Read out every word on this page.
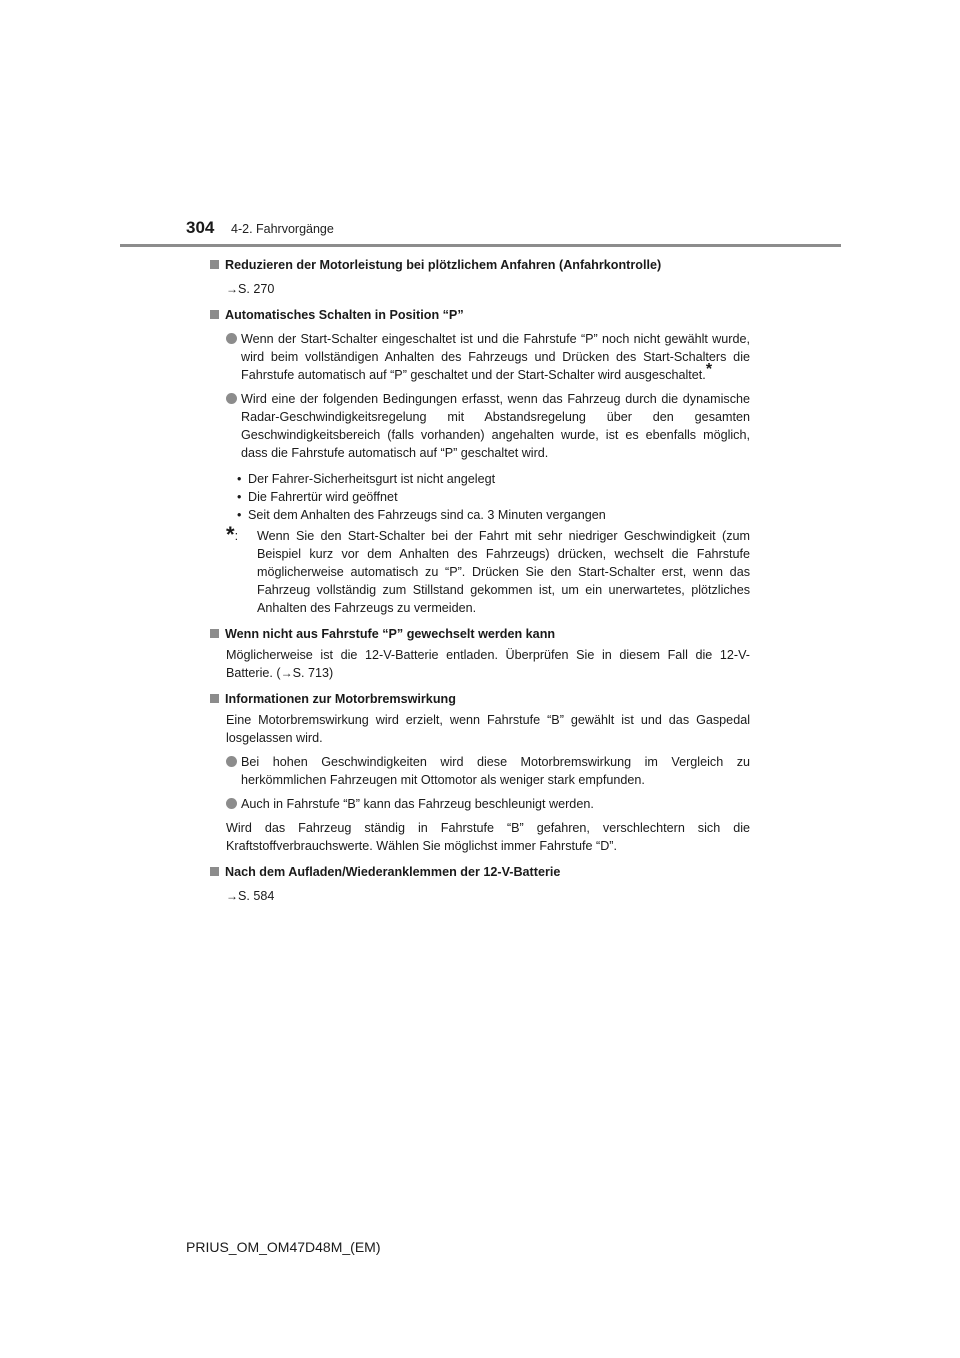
304 4-2. Fahrvorgänge
Reduzieren der Motorleistung bei plötzlichem Anfahren (Anfahrkontrolle)

→S. 270

Automatisches Schalten in Position “P”
Wenn der Start-Schalter eingeschaltet ist und die Fahrstufe “P” noch nicht gewählt wurde, wird beim vollständigen Anhalten des Fahrzeugs und Drücken des Start-Schalters die Fahrstufe automatisch auf “P” geschaltet und der Start-Schalter wird ausgeschaltet.*
Wird eine der folgenden Bedingungen erfasst, wenn das Fahrzeug durch die dynamische Radar-Geschwindigkeitsregelung mit Abstandsregelung über den gesamten Geschwindigkeitsbereich (falls vorhanden) angehalten wurde, ist es ebenfalls möglich, dass die Fahrstufe automatisch auf “P” geschaltet wird.
• Der Fahrer-Sicherheitsgurt ist nicht angelegt
• Die Fahrertür wird geöffnet
• Seit dem Anhalten des Fahrzeugs sind ca. 3 Minuten vergangen
*:	Wenn Sie den Start-Schalter bei der Fahrt mit sehr niedriger Geschwindigkeit (zum Beispiel kurz vor dem Anhalten des Fahrzeugs) drücken, wechselt die Fahrstufe möglicherweise automatisch zu “P”. Drücken Sie den Start-Schalter erst, wenn das Fahrzeug vollständig zum Stillstand gekommen ist, um ein unerwartetes, plötzliches Anhalten des Fahrzeugs zu vermeiden.
Wenn nicht aus Fahrstufe “P” gewechselt werden kann

Möglicherweise ist die 12-V-Batterie entladen. Überprüfen Sie in diesem Fall die 12-V-Batterie. (→S. 713)

Informationen zur Motorbremswirkung

Eine Motorbremswirkung wird erzielt, wenn Fahrstufe “B” gewählt ist und das Gaspedal losgelassen wird.

Bei hohen Geschwindigkeiten wird diese Motorbremswirkung im Vergleich zu herkömmlichen Fahrzeugen mit Ottomotor als weniger stark empfunden.
Auch in Fahrstufe “B” kann das Fahrzeug beschleunigt werden.

Wird das Fahrzeug ständig in Fahrstufe “B” gefahren, verschlechtern sich die Kraftstoffverbrauchswerte. Wählen Sie möglichst immer Fahrstufe “D”.

Nach dem Aufladen/Wiederanklemmen der 12-V-Batterie

→S. 584

PRIUS_OM_OM47D48M_(EM)
